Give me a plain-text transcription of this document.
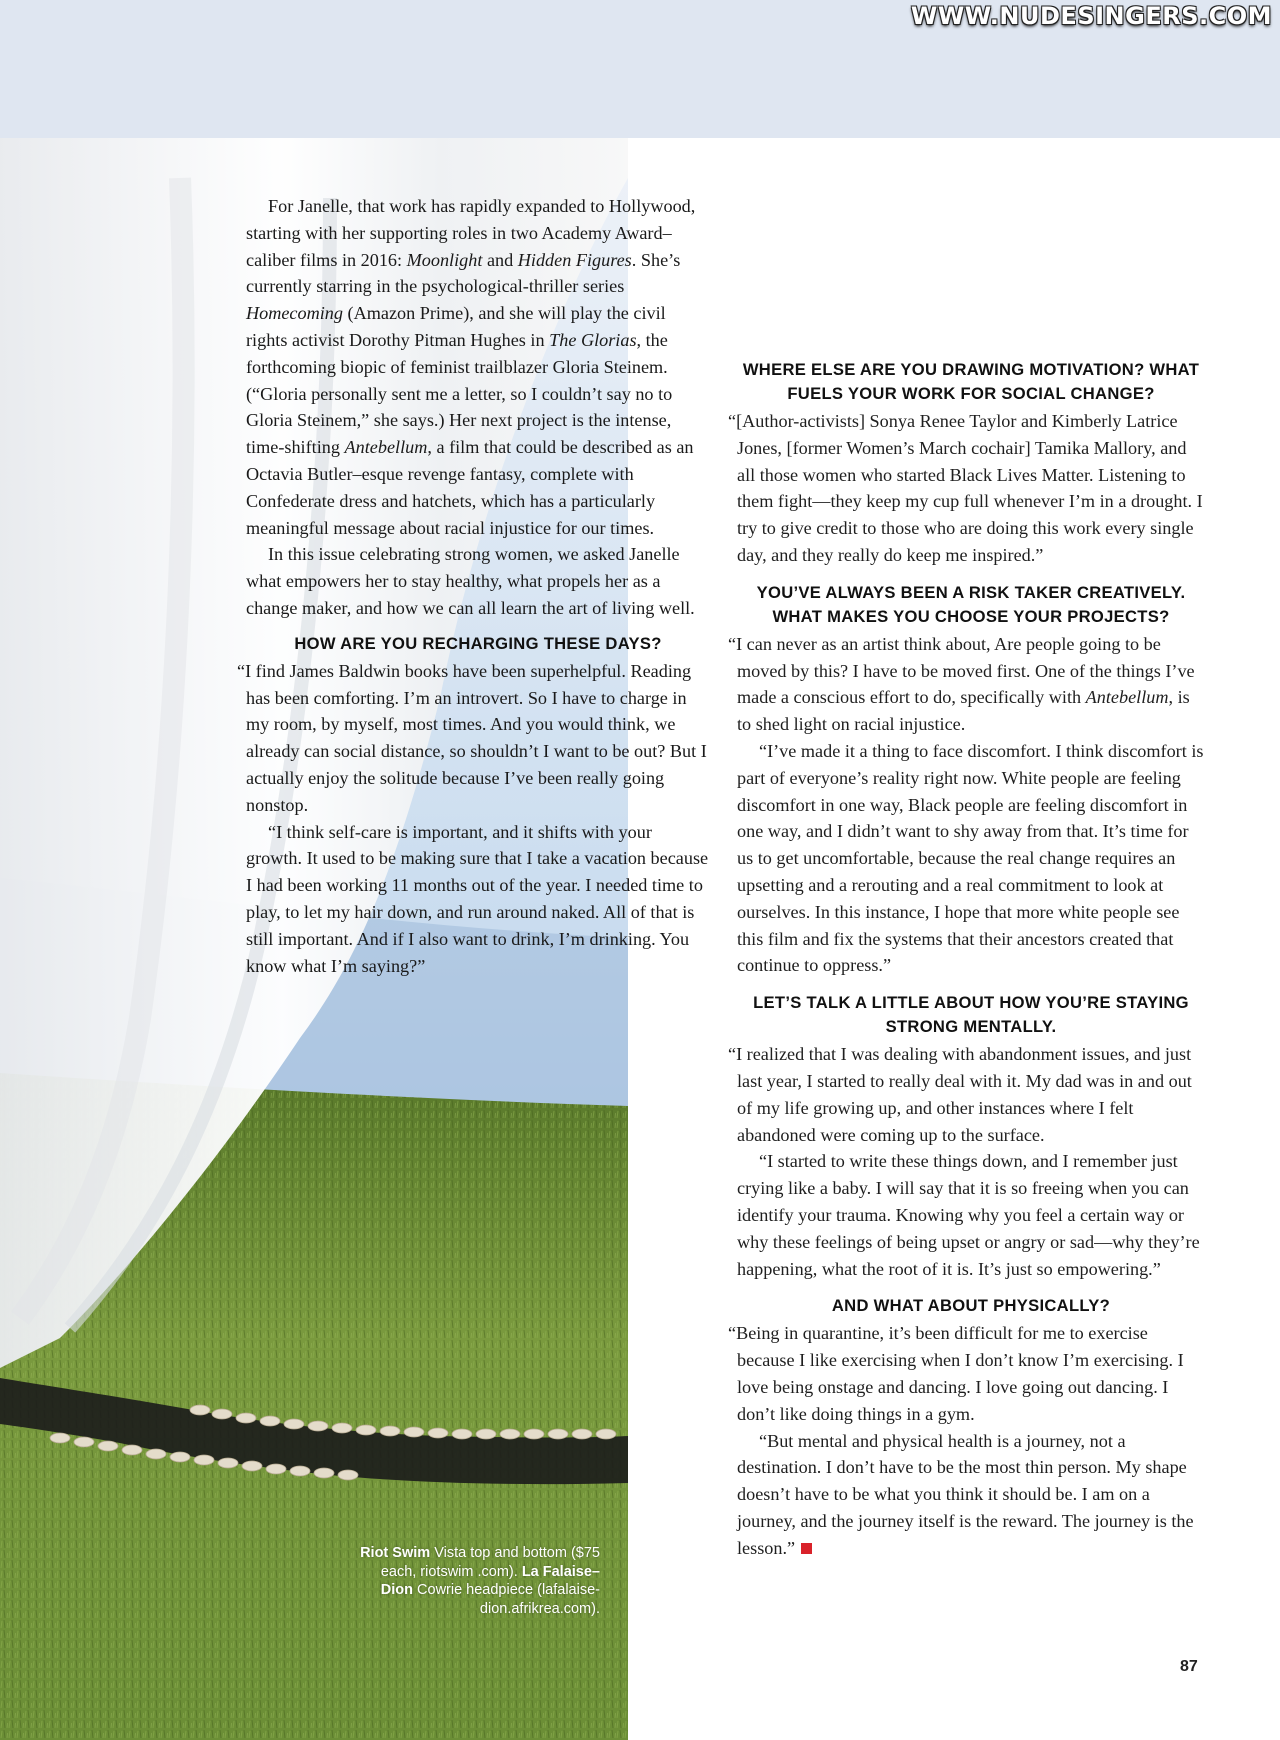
WWW.NUDESINGERS.COM

For Janelle, that work has rapidly expanded to Hollywood, starting with her supporting roles in two Academy Award–caliber films in 2016: Moonlight and Hidden Figures. She’s currently starring in the psychological-thriller series Homecoming (Amazon Prime), and she will play the civil rights activist Dorothy Pitman Hughes in The Glorias, the forthcoming biopic of feminist trailblazer Gloria Steinem. (“Gloria personally sent me a letter, so I couldn’t say no to Gloria Steinem,” she says.) Her next project is the intense, time-shifting Antebellum, a film that could be described as an Octavia Butler–esque revenge fantasy, complete with Confederate dress and hatchets, which has a particularly meaningful message about racial injustice for our times.

In this issue celebrating strong women, we asked Janelle what empowers her to stay healthy, what propels her as a change maker, and how we can all learn the art of living well.

HOW ARE YOU RECHARGING THESE DAYS?

“I find James Baldwin books have been superhelpful. Reading has been comforting. I’m an introvert. So I have to charge in my room, by myself, most times. And you would think, we already can social distance, so shouldn’t I want to be out? But I actually enjoy the solitude because I’ve been really going nonstop.

“I think self-care is important, and it shifts with your growth. It used to be making sure that I take a vacation because I had been working 11 months out of the year. I needed time to play, to let my hair down, and run around naked. All of that is still important. And if I also want to drink, I’m drinking. You know what I’m saying?”

WHERE ELSE ARE YOU DRAWING MOTIVATION? WHAT FUELS YOUR WORK FOR SOCIAL CHANGE?

“[Author-activists] Sonya Renee Taylor and Kimberly Latrice Jones, [former Women’s March cochair] Tamika Mallory, and all those women who started Black Lives Matter. Listening to them fight—they keep my cup full whenever I’m in a drought. I try to give credit to those who are doing this work every single day, and they really do keep me inspired.”

YOU’VE ALWAYS BEEN A RISK TAKER CREATIVELY. WHAT MAKES YOU CHOOSE YOUR PROJECTS?

“I can never as an artist think about, Are people going to be moved by this? I have to be moved first. One of the things I’ve made a conscious effort to do, specifically with Antebellum, is to shed light on racial injustice.

“I’ve made it a thing to face discomfort. I think discomfort is part of everyone’s reality right now. White people are feeling discomfort in one way, Black people are feeling discomfort in one way, and I didn’t want to shy away from that. It’s time for us to get uncomfortable, because the real change requires an upsetting and a rerouting and a real commitment to look at ourselves. In this instance, I hope that more white people see this film and fix the systems that their ancestors created that continue to oppress.”

LET’S TALK A LITTLE ABOUT HOW YOU’RE STAYING STRONG MENTALLY.

“I realized that I was dealing with abandonment issues, and just last year, I started to really deal with it. My dad was in and out of my life growing up, and other instances where I felt abandoned were coming up to the surface.

“I started to write these things down, and I remember just crying like a baby. I will say that it is so freeing when you can identify your trauma. Knowing why you feel a certain way or why these feelings of being upset or angry or sad—why they’re happening, what the root of it is. It’s just so empowering.”

AND WHAT ABOUT PHYSICALLY?

“Being in quarantine, it’s been difficult for me to exercise because I like exercising when I don’t know I’m exercising. I love being onstage and dancing. I love going out dancing. I don’t like doing things in a gym.

“But mental and physical health is a journey, not a destination. I don’t have to be the most thin person. My shape doesn’t have to be what you think it should be. I am on a journey, and the journey itself is the reward. The journey is the lesson.”

Riot Swim Vista top and bottom ($75 each, riotswim .com). La Falaise–Dion Cowrie headpiece (lafalaise-dion.afrikrea.com).
87
